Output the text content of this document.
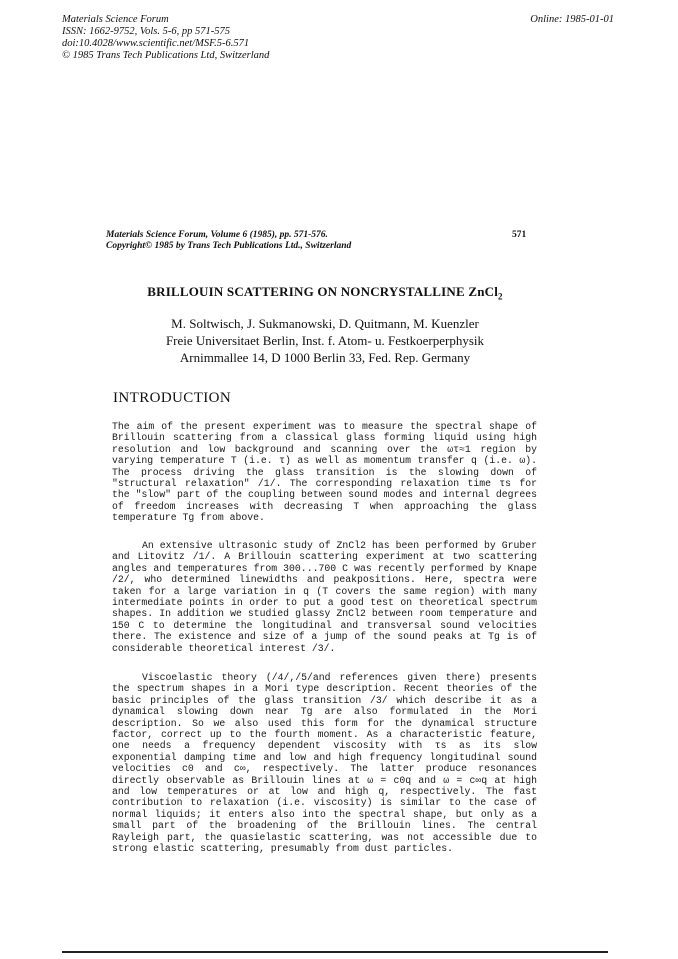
Materials Science Forum
ISSN: 1662-9752, Vols. 5-6, pp 571-575
doi:10.4028/www.scientific.net/MSF.5-6.571
© 1985 Trans Tech Publications Ltd, Switzerland
Online: 1985-01-01
Materials Science Forum, Volume 6 (1985), pp. 571-576.
Copyright© 1985 by Trans Tech Publications Ltd., Switzerland
571
BRILLOUIN SCATTERING ON NONCRYSTALLINE ZnCl$_2$
M. Soltwisch, J. Sukmanowski, D. Quitmann, M. Kuenzler
Freie Universitaet Berlin, Inst. f. Atom- u. Festkoerperphysik
Arnimmallee 14, D 1000 Berlin 33, Fed. Rep. Germany
INTRODUCTION

The aim of the present experiment was to measure the spectral shape of Brillouin scattering from a classical glass forming liquid using high resolution and low background and scanning over the ωτ≈1 region by varying temperature T (i.e. τ) as well as momentum transfer q (i.e. ω). The process driving the glass transition is the slowing down of "structural relaxation" /1/. The corresponding relaxation time τs for the "slow" part of the coupling between sound modes and internal degrees of freedom increases with decreasing T when approaching the glass temperature Tg from above.

An extensive ultrasonic study of ZnCl2 has been performed by Gruber and Litovitz /1/. A Brillouin scattering experiment at two scattering angles and temperatures from 300...700 C was recently performed by Knape /2/, who determined linewidths and peakpositions. Here, spectra were taken for a large variation in q (T covers the same region) with many intermediate points in order to put a good test on theoretical spectrum shapes. In addition we studied glassy ZnCl2 between room temperature and 150 C to determine the longitudinal and transversal sound velocities there. The existence and size of a jump of the sound peaks at Tg is of considerable theoretical interest /3/.

Viscoelastic theory (/4/,/5/and references given there) presents the spectrum shapes in a Mori type description. Recent theories of the basic principles of the glass transition /3/ which describe it as a dynamical slowing down near Tg are also formulated in the Mori description. So we also used this form for the dynamical structure factor, correct up to the fourth moment. As a characteristic feature, one needs a frequency dependent viscosity with τs as its slow exponential damping time and low and high frequency longitudinal sound velocities c0 and c∞, respectively. The latter produce resonances directly observable as Brillouin lines at ω = c0q and ω = c∞q at high and low temperatures or at low and high q, respectively. The fast contribution to relaxation (i.e. viscosity) is similar to the case of normal liquids; it enters also into the spectral shape, but only as a small part of the broadening of the Brillouin lines. The central Rayleigh part, the quasielastic scattering, was not accessible due to strong elastic scattering, presumably from dust particles.
